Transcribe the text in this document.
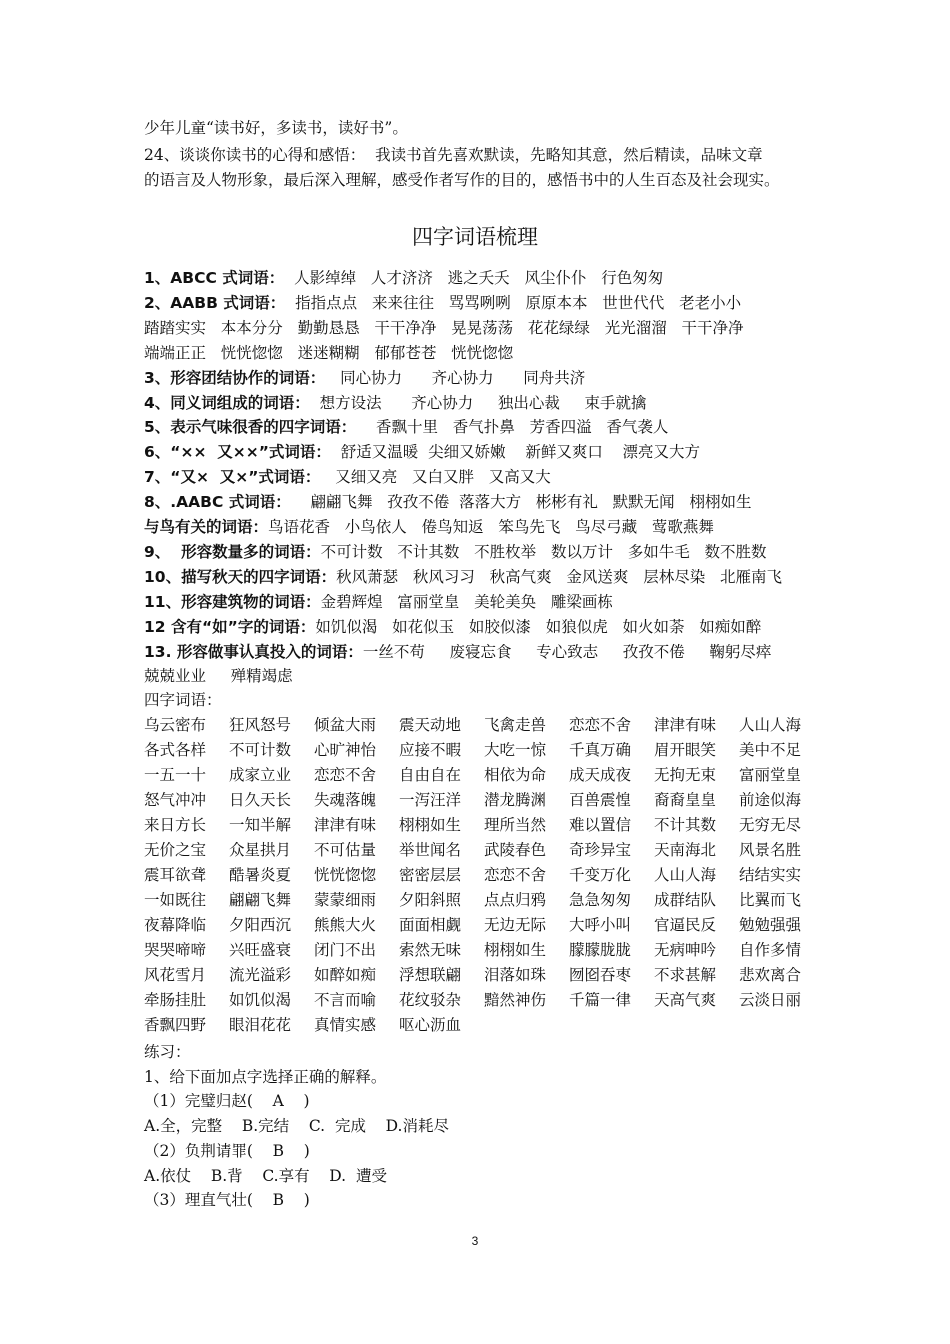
少年儿童“读书好，多读书，读好书”。
24、谈谈你读书的心得和感悟：  我读书首先喜欢默读，先略知其意，然后精读，品味文章
的语言及人物形象，最后深入理解，感受作者写作的目的，感悟书中的人生百态及社会现实。
四字词语梳理
1、ABCC 式词语：  人影绰绰   人才济济   逃之夭夭   风尘仆仆   行色匆匆
2、AABB 式词语：  指指点点   来来往往   骂骂咧咧   原原本本   世世代代   老老小小
踏踏实实   本本分分   勤勤恳恳   干干净净   晃晃荡荡   花花绿绿   光光溜溜   干干净净
端端正正   恍恍惚惚   迷迷糊糊   郁郁苍苍   恍恍惚惚
3、形容团结协作的词语：   同心协力      齐心协力      同舟共济
4、同义词组成的词语：  想方设法      齐心协力     独出心裁     束手就擒
5、表示气味很香的四字词语：    香飘十里   香气扑鼻   芳香四溢   香气袭人
6、“××  又××”式词语：  舒适又温暖  尖细又娇嫩    新鲜又爽口    漂亮又大方
7、“又×  又×”式词语：   又细又亮   又白又胖   又高又大
8、.AABC 式词语：    翩翩飞舞   孜孜不倦  落落大方   彬彬有礼   默默无闻   栩栩如生
与鸟有关的词语：鸟语花香   小鸟依人   倦鸟知返   笨鸟先飞   鸟尽弓藏   莺歌燕舞
9、  形容数量多的词语：不可计数   不计其数   不胜枚举   数以万计   多如牛毛   数不胜数
10、描写秋天的四字词语：秋风萧瑟   秋风习习   秋高气爽   金风送爽   层林尽染   北雁南飞
11、形容建筑物的词语：金碧辉煌   富丽堂皇   美轮美奂   雕梁画栋
12 含有“如”字的词语：如饥似渴   如花似玉   如胶似漆   如狼似虎   如火如荼   如痴如醉
13. 形容做事认真投入的词语：一丝不苟     废寝忘食     专心致志     孜孜不倦     鞠躬尽瘁
兢兢业业     殚精竭虑
四字词语：
乌云密布	狂风怒号	倾盆大雨	震天动地	飞禽走兽	恋恋不舍	津津有味	人山人海
各式各样	不可计数	心旷神怡	应接不暇	大吃一惊	千真万确	眉开眼笑	美中不足
一五一十	成家立业	恋恋不舍	自由自在	相依为命	成天成夜	无拘无束	富丽堂皇
怒气冲冲	日久天长	失魂落魄	一泻汪洋	潜龙腾渊	百兽震惶	裔裔皇皇	前途似海
来日方长	一知半解	津津有味	栩栩如生	理所当然	难以置信	不计其数	无穷无尽
无价之宝	众星拱月	不可估量	举世闻名	武陵春色	奇珍异宝	天南海北	风景名胜
震耳欲聋	酷暑炎夏	恍恍惚惚	密密层层	恋恋不舍	千变万化	人山人海	结结实实
一如既往	翩翩飞舞	蒙蒙细雨	夕阳斜照	点点归鸦	急急匆匆	成群结队	比翼而飞
夜幕降临	夕阳西沉	熊熊大火	面面相觑	无边无际	大呼小叫	官逼民反	勉勉强强
哭哭啼啼	兴旺盛衰	闭门不出	索然无味	栩栩如生	朦朦胧胧	无病呻吟	自作多情
风花雪月	流光溢彩	如醉如痴	浮想联翩	泪落如珠	囫囵吞枣	不求甚解	悲欢离合
牵肠挂肚	如饥似渴	不言而喻	花纹驳杂	黯然神伤	千篇一律	天高气爽	云淡日丽
香飘四野	眼泪花花	真情实感	呕心沥血
练习：
1、给下面加点字选择正确的解释。
（1）完璧归赵(    A    )
A.全，完整    B.完结    C.  完成    D.消耗尽
（2）负荆请罪(    B    )
A.依仗    B.背    C.享有    D.  遭受
（3）理直气壮(    B    )
3
